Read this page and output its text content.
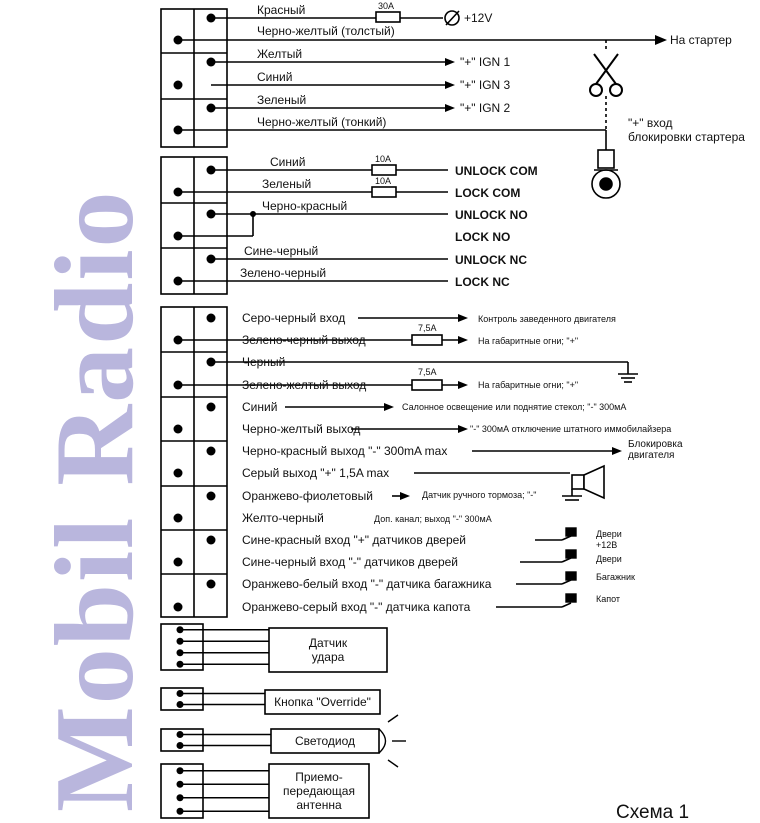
Mobil Radio
Красный	30A
+12V
Черно-желтый (толстый)
На стартер
Желтый
"+" IGN 1
Синий
"+" IGN 3
Зеленый
"+" IGN 2
Черно-желтый (тонкий)	"+" вход блокировки стартера
Синий	10A
UNLOCK COM
Зеленый	10A
LOCK COM
Черно-красный
UNLOCK NO
LOCK NO
Сине-черный
UNLOCK NC
Зелено-черный
LOCK NC
Серо-черный вход
Зелено-черный выход
Черный
Зелено-желтый выход
Синий
Черно-желтый выход
Черно-красный выход "-" 300mA max
Серый выход "+" 1,5A max
Оранжево-фиолетовый
Желто-черный
Сине-красный вход "+" датчиков дверей
Сине-черный вход "-" датчиков дверей
Оранжево-белый вход "-" датчика багажника
Оранжево-серый вход "-" датчика капота
Контроль заведенного двигателя
На габаритные огни; "+"
На габаритные огни; "+"
Салонное освещение или поднятие стекол; "-" 300мА
"-" 300мА отключение штатного иммобилайзера
Датчик ручного тормоза; "-"
Доп. канал; выход "-" 300мА
Блокировка двигателя
Двери +12В
Двери
Багажник
Капот
7,5A
7,5A
Датчик удара
Кнопка "Override"
Светодиод
Приемо-передающая антенна	Схема 1
